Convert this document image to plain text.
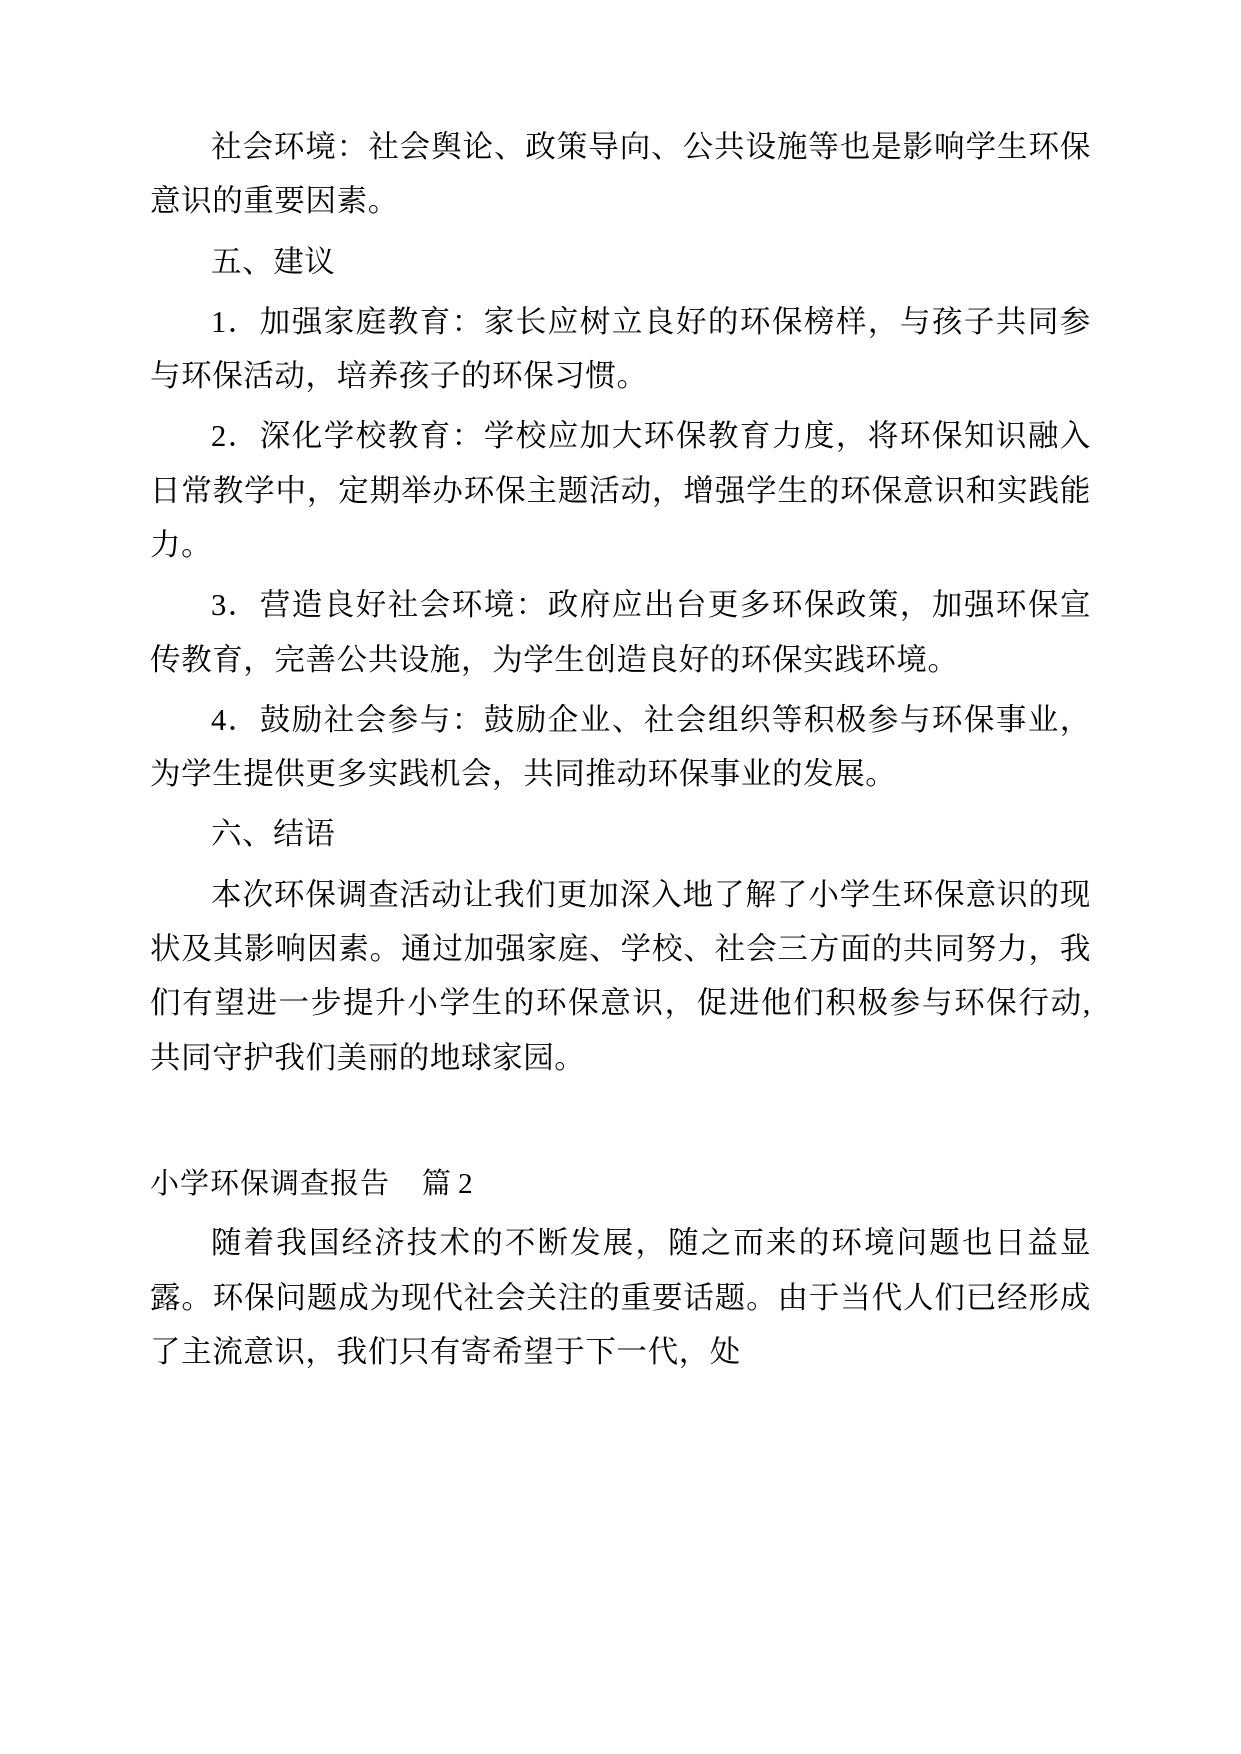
社会环境：社会舆论、政策导向、公共设施等也是影响学生环保意识的重要因素。

五、建议

1．加强家庭教育：家长应树立良好的环保榜样，与孩子共同参与环保活动，培养孩子的环保习惯。

2．深化学校教育：学校应加大环保教育力度，将环保知识融入日常教学中，定期举办环保主题活动，增强学生的环保意识和实践能力。

3．营造良好社会环境：政府应出台更多环保政策，加强环保宣传教育，完善公共设施，为学生创造良好的环保实践环境。

4．鼓励社会参与：鼓励企业、社会组织等积极参与环保事业，为学生提供更多实践机会，共同推动环保事业的发展。

六、结语

本次环保调查活动让我们更加深入地了解了小学生环保意识的现状及其影响因素。通过加强家庭、学校、社会三方面的共同努力，我们有望进一步提升小学生的环保意识，促进他们积极参与环保行动,共同守护我们美丽的地球家园。

小学环保调查报告 篇 2

随着我国经济技术的不断发展，随之而来的环境问题也日益显露。环保问题成为现代社会关注的重要话题。由于当代人们已经形成了主流意识，我们只有寄希望于下一代，处
